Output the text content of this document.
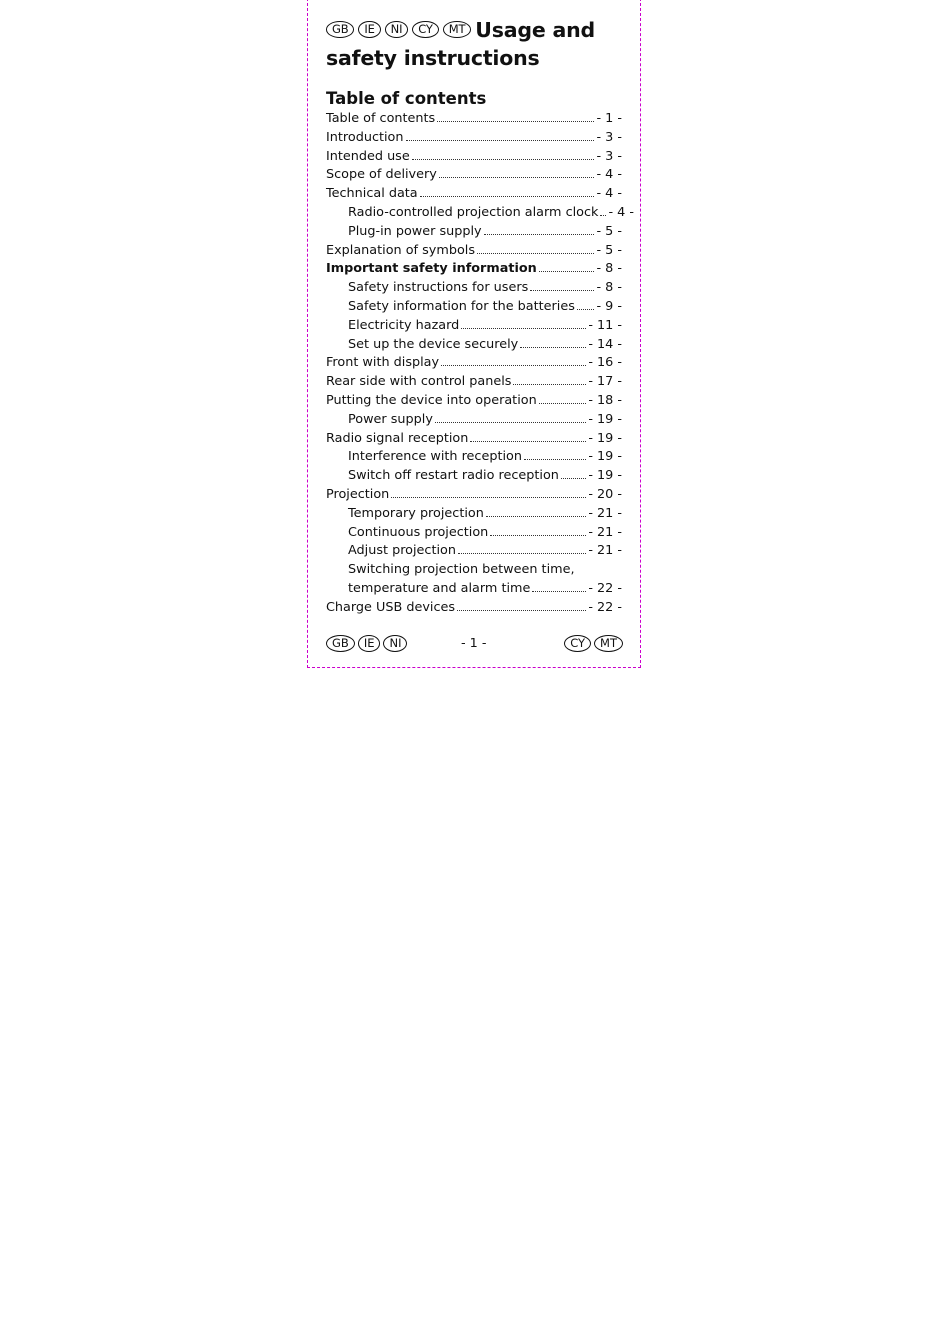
GB IE NI CY MT Usage and
safety instructions
Table of contents
Table of contents	- 1 -
Introduction	- 3 -
Intended use	- 3 -
Scope of delivery	- 4 -
Technical data	- 4 -
Radio-controlled projection alarm clock - 4 -
Plug-in power supply	- 5 -
Explanation of symbols	- 5 -
Important safety information	- 8 -
Safety instructions for users	- 8 -
Safety information for the batteries - 9 -
Electricity hazard	- 11 -
Set up the device securely	- 14 -
Front with display	- 16 -
Rear side with control panels	- 17 -
Putting the device into operation	- 18 -
Power supply	- 19 -
Radio signal reception	- 19 -
Interference with reception	- 19 -
Switch off restart radio reception - 19 -
Projection	- 20 -
Temporary projection	- 21 -
Continuous projection	- 21 -
Adjust projection	- 21 -
Switching projection between time,
temperature and alarm time	- 22 -
Charge USB devices	- 22 -
GB IE NI	- 1 -	CY MT
